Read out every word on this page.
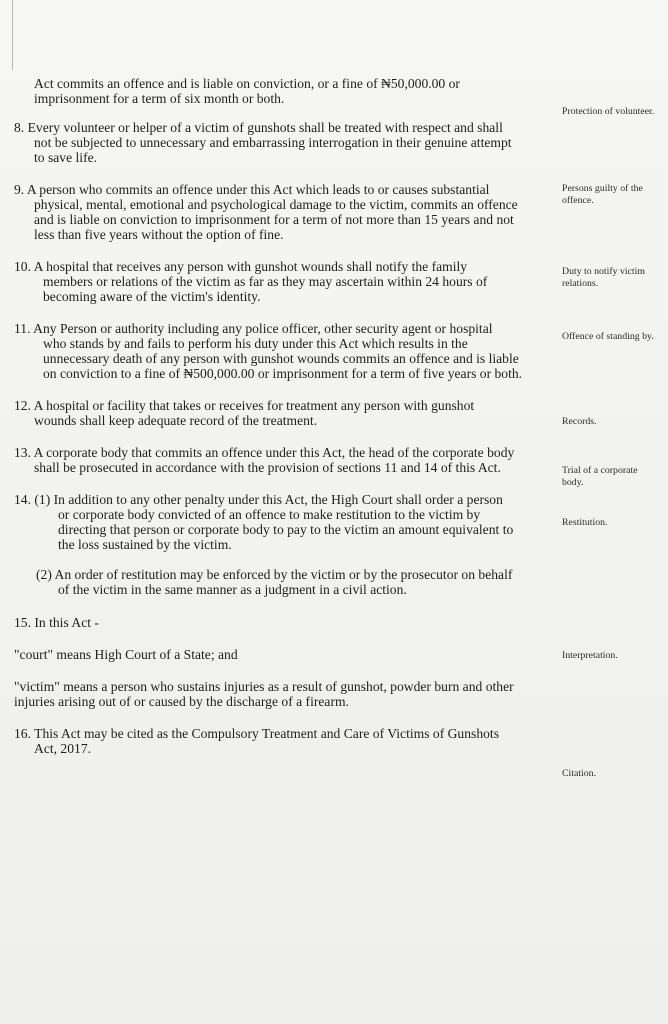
Act commits an offence and is liable on conviction, or a fine of ₦50,000.00 or
imprisonment for a term of six month or both.
8. Every volunteer or helper of a victim of gunshots shall be treated with respect and shall
not be subjected to unnecessary and embarrassing interrogation in their genuine attempt
to save life.
9. A person who commits an offence under this Act which leads to or causes substantial
physical, mental, emotional and psychological damage to the victim, commits an offence
and is liable on conviction to imprisonment for a term of not more than 15 years and not
less than five years without the option of fine.
10. A hospital that receives any person with gunshot wounds shall notify the family
members or relations of the victim as far as they may ascertain within 24 hours of
becoming aware of the victim's identity.
11. Any Person or authority including any police officer, other security agent or hospital
who stands by and fails to perform his duty under this Act which results in the
unnecessary death of any person with gunshot wounds commits an offence and is liable
on conviction to a fine of ₦500,000.00 or imprisonment for a term of five years or both.
12. A hospital or facility that takes or receives for treatment any person with gunshot
wounds shall keep adequate record of the treatment.
13. A corporate body that commits an offence under this Act, the head of the corporate body
shall be prosecuted in accordance with the provision of sections 11 and 14 of this Act.
14. (1) In addition to any other penalty under this Act, the High Court shall order a person
or corporate body convicted of an offence to make restitution to the victim by
directing that person or corporate body to pay to the victim an amount equivalent to
the loss sustained by the victim.
(2) An order of restitution may be enforced by the victim or by the prosecutor on behalf
of the victim in the same manner as a judgment in a civil action.
15. In this Act -
"court" means High Court of a State; and
"victim" means a person who sustains injuries as a result of gunshot, powder burn and other
injuries arising out of or caused by the discharge of a firearm.
16. This Act may be cited as the Compulsory Treatment and Care of Victims of Gunshots
Act, 2017.
Protection of volunteer.
Persons guilty of the
offence.
Duty to notify victim
relations.
Offence of standing by.
Records.
Trial of a corporate
body.
Restitution.
Interpretation.
Citation.
